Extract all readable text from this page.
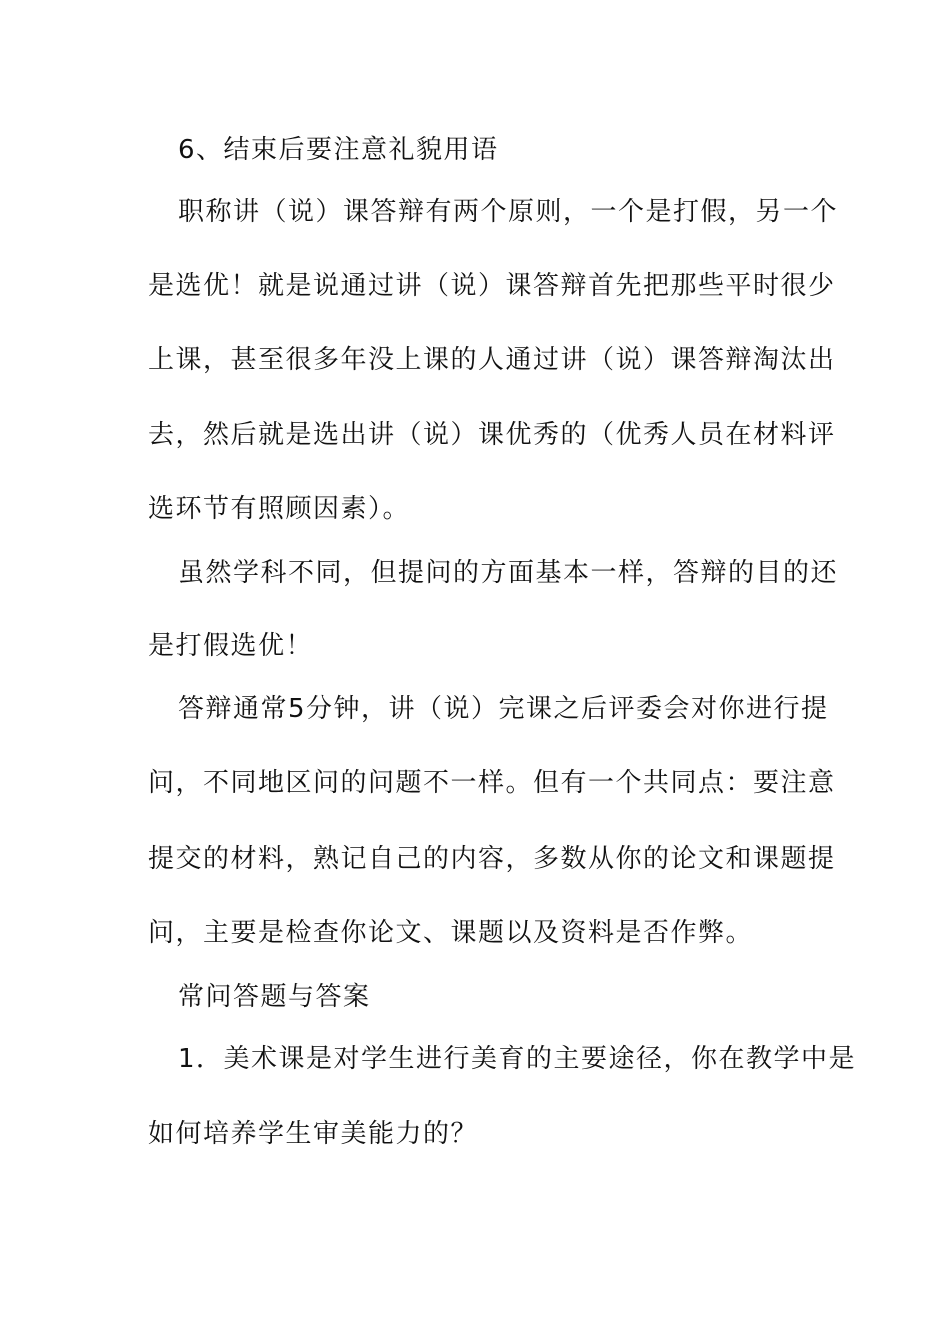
6、结束后要注意礼貌用语
职称讲（说）课答辩有两个原则，一个是打假，另一个
是选优！就是说通过讲（说）课答辩首先把那些平时很少
上课，甚至很多年没上课的人通过讲（说）课答辩淘汰出
去，然后就是选出讲（说）课优秀的（优秀人员在材料评
选环节有照顾因素）。
虽然学科不同，但提问的方面基本一样，答辩的目的还
是打假选优！
答辩通常5分钟，讲（说）完课之后评委会对你进行提
问，不同地区问的问题不一样。但有一个共同点：要注意
提交的材料，熟记自己的内容，多数从你的论文和课题提
问，主要是检查你论文、课题以及资料是否作弊。
常问答题与答案
1．美术课是对学生进行美育的主要途径，你在教学中是
如何培养学生审美能力的？
